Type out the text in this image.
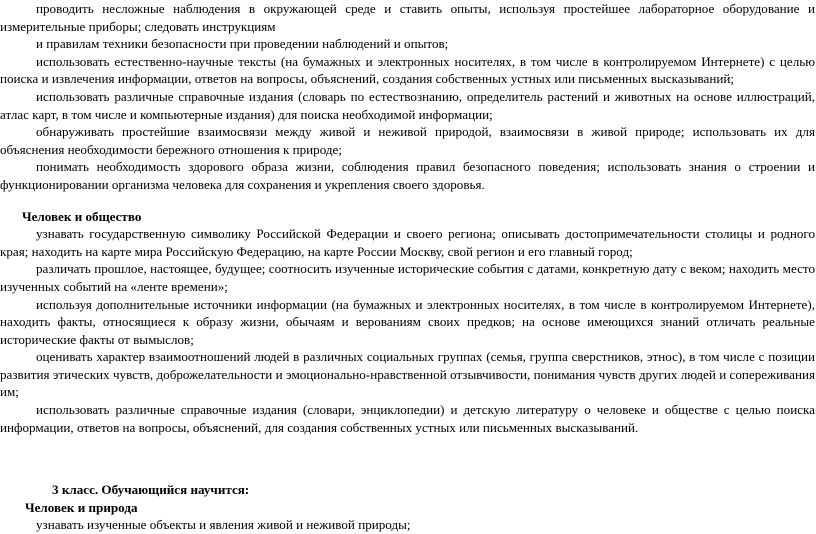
проводить несложные наблюдения в окружающей среде и ставить опыты, используя простейшее лабораторное оборудование и измерительные приборы; следовать инструкциям

и правилам техники безопасности при проведении наблюдений и опытов;

использовать естественно-научные тексты (на бумажных и электронных носителях, в том числе в контролируемом Интернете) с целью поиска и извлечения информации, ответов на вопросы, объяснений, создания собственных устных или письменных высказываний;

использовать различные справочные издания (словарь по естествознанию, определитель растений и животных на основе иллюстраций, атлас карт, в том числе и компьютерные издания) для поиска необходимой информации;

обнаруживать простейшие взаимосвязи между живой и неживой природой, взаимосвязи в живой природе; использовать их для объяснения необходимости бережного отношения к природе;

понимать необходимость здорового образа жизни, соблюдения правил безопасного поведения; использовать знания о строении и функционировании организма человека для сохранения и укрепления своего здоровья.

Человек и общество

узнавать государственную символику Российской Федерации и своего региона; описывать достопримечательности столицы и родного края; находить на карте мира Российскую Федерацию, на карте России Москву, свой регион и его главный город;

различать прошлое, настоящее, будущее; соотносить изученные исторические события с датами, конкретную дату с веком; находить место изученных событий на «ленте времени»;

используя дополнительные источники информации (на бумажных и электронных носителях, в том числе в контролируемом Интернете), находить факты, относящиеся к образу жизни, обычаям и верованиям своих предков; на основе имеющихся знаний отличать реальные исторические факты от вымыслов;

оценивать характер взаимоотношений людей в различных социальных группах (семья, группа сверстников, этнос), в том числе с позиции развития этических чувств, доброжелательности и эмоционально-нравственной отзывчивости, понимания чувств других людей и сопереживания им;

использовать различные справочные издания (словари, энциклопедии) и детскую литературу о человеке и обществе с целью поиска информации, ответов на вопросы, объяснений, для создания собственных устных или письменных высказываний.

3 класс. Обучающийся научится:

Человек и природа

узнавать изученные объекты и явления живой и неживой природы;
